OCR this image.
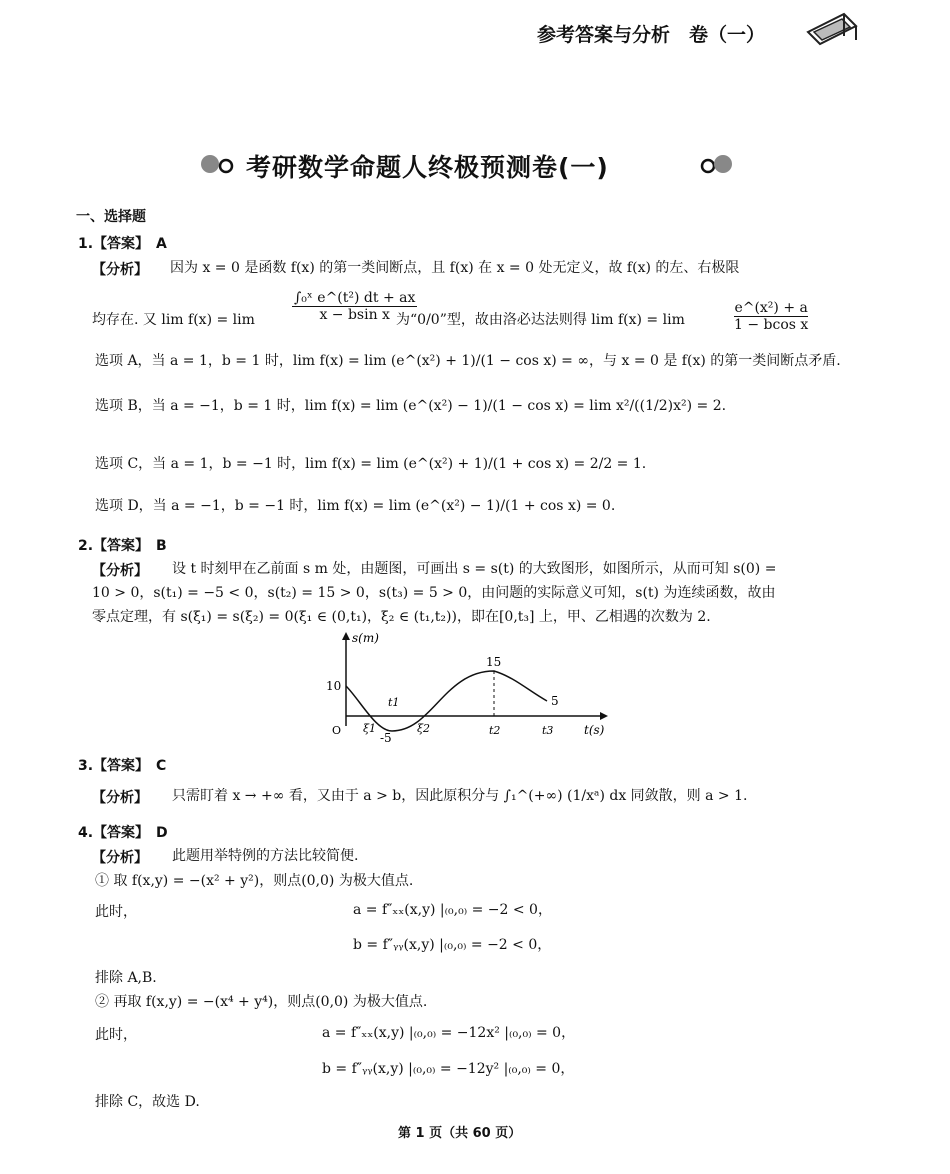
参考答案与分析　卷（一）
考研数学命题人终极预测卷(一)
一、选择题
1.【答案】　A
【分析】 因为 x = 0 是函数 f(x) 的第一类间断点，且 f(x) 在 x = 0 处无定义，故 f(x) 的左、右极限
均存在. 又 lim f(x) = lim	$\frac{\text{∫₀ˣ e\textasciicircum{}(t²) dt + ax}}{\text{x − bsin x}}$
为“0/0”型，故由洛必达法则得 lim f(x) = lim	$\frac{\text{e\textasciicircum{}(x²) + a}}{\text{1 − bcos x}}$
选项 A，当 a = 1，b = 1 时，lim f(x) = lim (e^(x²) + 1)/(1 − cos x) = ∞，与 x = 0 是 f(x) 的第一类间断点矛盾.
选项 B，当 a = −1，b = 1 时，lim f(x) = lim (e^(x²) − 1)/(1 − cos x) = lim x²/((1/2)x²) = 2.
选项 C，当 a = 1，b = −1 时，lim f(x) = lim (e^(x²) + 1)/(1 + cos x) = 2/2 = 1.
选项 D，当 a = −1，b = −1 时，lim f(x) = lim (e^(x²) − 1)/(1 + cos x) = 0.
2.【答案】　B
【分析】 设 t 时刻甲在乙前面 s m 处，由题图，可画出 s = s(t) 的大致图形，如图所示，从而可知 s(0) =
10 > 0，s(t₁) = −5 < 0，s(t₂) = 15 > 0，s(t₃) = 5 > 0，由问题的实际意义可知，s(t) 为连续函数，故由
零点定理，有 s(ξ₁) = s(ξ₂) = 0(ξ₁ ∈ (0,t₁)，ξ₂ ∈ (t₁,t₂))，即在[0,t₃] 上，甲、乙相遇的次数为 2.
10
-5
15
5
O ξ1
t1
ξ2	t2	t3
s(m)
t(s)
3.【答案】　C
【分析】 只需盯着 x → +∞ 看，又由于 a > b，因此原积分与 ∫₁^(+∞) (1/xᵃ) dx 同敛散，则 a > 1.
4.【答案】　D
【分析】 此题用举特例的方法比较简便.
① 取 f(x,y) = −(x² + y²)，则点(0,0) 为极大值点.
此时，	a = f″ₓₓ(x,y) |₍₀,₀₎ = −2 < 0，
b = f″ᵧᵧ(x,y) |₍₀,₀₎ = −2 < 0，
排除 A,B.
② 再取 f(x,y) = −(x⁴ + y⁴)，则点(0,0) 为极大值点.
此时，	a = f″ₓₓ(x,y) |₍₀,₀₎ = −12x² |₍₀,₀₎ = 0，
b = f″ᵧᵧ(x,y) |₍₀,₀₎ = −12y² |₍₀,₀₎ = 0，
排除 C，故选 D.
第 1 页（共 60 页）
